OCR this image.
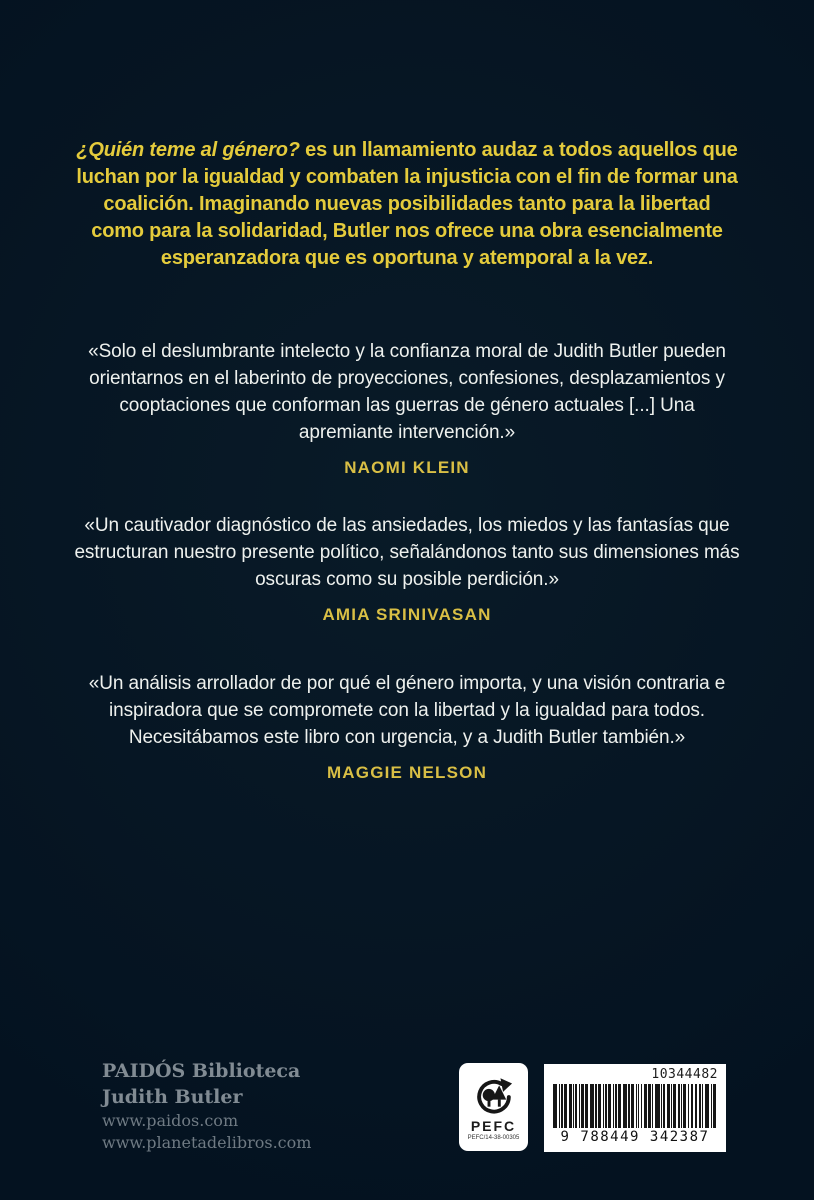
¿Quién teme al género? es un llamamiento audaz a todos aquellos que luchan por la igualdad y combaten la injusticia con el fin de formar una coalición. Imaginando nuevas posibilidades tanto para la libertad como para la solidaridad, Butler nos ofrece una obra esencialmente esperanzadora que es oportuna y atemporal a la vez.

«Solo el deslumbrante intelecto y la confianza moral de Judith Butler pueden orientarnos en el laberinto de proyecciones, confesiones, desplazamientos y cooptaciones que conforman las guerras de género actuales [...] Una apremiante intervención.»
NAOMI KLEIN
«Un cautivador diagnóstico de las ansiedades, los miedos y las fantasías que estructuran nuestro presente político, señalándonos tanto sus dimensiones más oscuras como su posible perdición.»
AMIA SRINIVASAN
«Un análisis arrollador de por qué el género importa, y una visión contraria e inspiradora que se compromete con la libertad y la igualdad para todos. Necesitábamos este libro con urgencia, y a Judith Butler también.»
MAGGIE NELSON
PAIDÓS Biblioteca
Judith Butler
www.paidos.com
www.planetadelibros.com
PEFC
PEFC/14-38-00305
10344482
9 788449 342387
